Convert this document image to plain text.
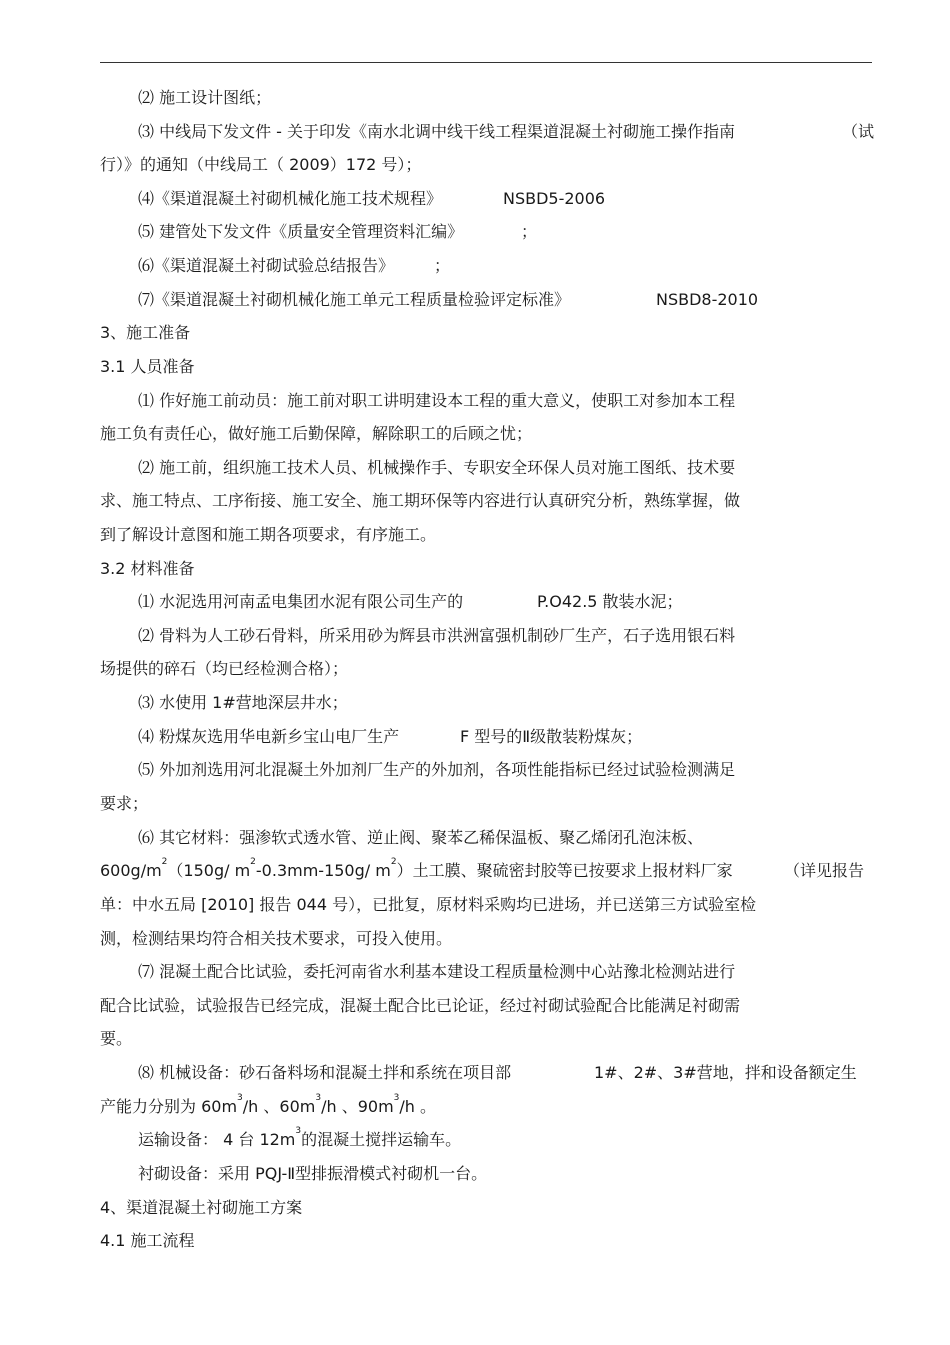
⑵ 施工设计图纸；
⑶ 中线局下发文件 - 关于印发《南水北调中线干线工程渠道混凝土衬砌施工操作指南	（试
行）》的通知（中线局工（ 2009）172 号）；
⑷《渠道混凝土衬砌机械化施工技术规程》	NSBD5-2006
⑸ 建管处下发文件《质量安全管理资料汇编》	；
⑹《渠道混凝土衬砌试验总结报告》 ；
⑺《渠道混凝土衬砌机械化施工单元工程质量检验评定标准》	NSBD8-2010
3、施工准备
3.1 人员准备
⑴ 作好施工前动员：施工前对职工讲明建设本工程的重大意义，使职工对参加本工程
施工负有责任心，做好施工后勤保障，解除职工的后顾之忧；
⑵ 施工前，组织施工技术人员、机械操作手、专职安全环保人员对施工图纸、技术要
求、施工特点、工序衔接、施工安全、施工期环保等内容进行认真研究分析，熟练掌握，做
到了解设计意图和施工期各项要求，有序施工。
3.2 材料准备
⑴ 水泥选用河南孟电集团水泥有限公司生产的	P.O42.5 散装水泥；
⑵ 骨料为人工砂石骨料，所采用砂为辉县市洪洲富强机制砂厂生产，石子选用银石料
场提供的碎石（均已经检测合格）；
⑶ 水使用 1#营地深层井水；
⑷ 粉煤灰选用华电新乡宝山电厂生产	F 型号的Ⅱ级散装粉煤灰；
⑸ 外加剂选用河北混凝土外加剂厂生产的外加剂，各项性能指标已经过试验检测满足
要求；
⑹ 其它材料：强渗软式透水管、逆止阀、聚苯乙稀保温板、聚乙烯闭孔泡沫板、
$600g/m^2(150g/$ $m^2-0.3mm-150g/$ $m^2$）土工膜、聚硫密封胶等已按要求上报材料厂家	（详见报告
单：中水五局 [2010] 报告 044 号），已批复，原材料采购均已进场，并已送第三方试验室检
测，检测结果均符合相关技术要求，可投入使用。
⑺ 混凝土配合比试验，委托河南省水利基本建设工程质量检测中心站豫北检测站进行
配合比试验，试验报告已经完成，混凝土配合比已论证，经过衬砌试验配合比能满足衬砌需
要。
⑻ 机械设备：砂石备料场和混凝土拌和系统在项目部	1#、2#、3#营地，拌和设备额定生
产能力分别为 $60m^3/h$ 、$60m^3/h$ 、$90m^3/h$ 。
运输设备： 4 台 $12m^3$的混凝土搅拌运输车。
衬砌设备：采用 PQJ-Ⅱ型排振滑模式衬砌机一台。
4、渠道混凝土衬砌施工方案
4.1 施工流程
